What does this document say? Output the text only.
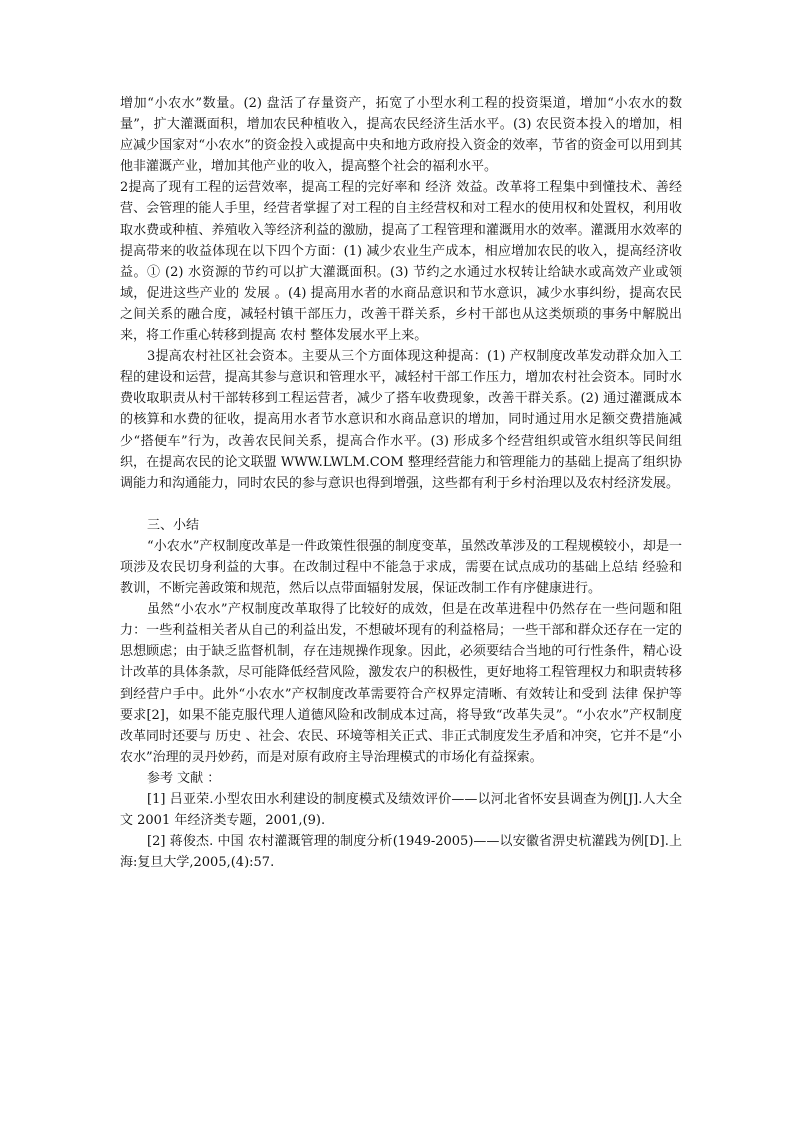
增加“小农水”数量。(2) 盘活了存量资产，拓宽了小型水利工程的投资渠道，增加“小农水的数量”，扩大灌溉面积，增加农民种植收入，提高农民经济生活水平。(3) 农民资本投入的增加，相应减少国家对“小农水”的资金投入或提高中央和地方政府投入资金的效率，节省的资金可以用到其他非灌溉产业，增加其他产业的收入，提高整个社会的福利水平。

2提高了现有工程的运营效率，提高工程的完好率和 经济 效益。改革将工程集中到懂技术、善经营、会管理的能人手里，经营者掌握了对工程的自主经营权和对工程水的使用权和处置权，利用收取水费或种植、养殖收入等经济利益的激励，提高了工程管理和灌溉用水的效率。灌溉用水效率的提高带来的收益体现在以下四个方面：(1) 减少农业生产成本，相应增加农民的收入，提高经济收益。① (2) 水资源的节约可以扩大灌溉面积。(3) 节约之水通过水权转让给缺水或高效产业或领域，促进这些产业的 发展 。(4) 提高用水者的水商品意识和节水意识，减少水事纠纷，提高农民之间关系的融合度，减轻村镇干部压力，改善干群关系，乡村干部也从这类烦琐的事务中解脱出来，将工作重心转移到提高 农村 整体发展水平上来。

3提高农村社区社会资本。主要从三个方面体现这种提高：(1) 产权制度改革发动群众加入工程的建设和运营，提高其参与意识和管理水平，减轻村干部工作压力，增加农村社会资本。同时水费收取职责从村干部转移到工程运营者，减少了搭车收费现象，改善干群关系。(2) 通过灌溉成本的核算和水费的征收，提高用水者节水意识和水商品意识的增加，同时通过用水足额交费措施减少“搭便车”行为，改善农民间关系，提高合作水平。(3) 形成多个经营组织或管水组织等民间组织，在提高农民的论文联盟 WWW.LWLM.COM 整理经营能力和管理能力的基础上提高了组织协调能力和沟通能力，同时农民的参与意识也得到增强，这些都有利于乡村治理以及农村经济发展。

三、小结

“小农水”产权制度改革是一件政策性很强的制度变革，虽然改革涉及的工程规模较小，却是一项涉及农民切身利益的大事。在改制过程中不能急于求成，需要在试点成功的基础上总结 经验和教训，不断完善政策和规范，然后以点带面辐射发展，保证改制工作有序健康进行。

虽然“小农水”产权制度改革取得了比较好的成效，但是在改革进程中仍然存在一些问题和阻力：一些利益相关者从自己的利益出发，不想破坏现有的利益格局；一些干部和群众还存在一定的思想顾虑；由于缺乏监督机制，存在违规操作现象。因此，必须要结合当地的可行性条件，精心设计改革的具体条款，尽可能降低经营风险，激发农户的积极性，更好地将工程管理权力和职责转移到经营户手中。此外“小农水”产权制度改革需要符合产权界定清晰、有效转让和受到 法律 保护等要求[2]，如果不能克服代理人道德风险和改制成本过高，将导致“改革失灵”。“小农水”产权制度改革同时还要与 历史 、社会、农民、环境等相关正式、非正式制度发生矛盾和冲突，它并不是“小农水”治理的灵丹妙药，而是对原有政府主导治理模式的市场化有益探索。

参考 文献 ：

[1] 吕亚荣.小型农田水利建设的制度模式及绩效评价——以河北省怀安县调查为例[J].人大全文 2001 年经济类专题，2001,(9).

[2] 蒋俊杰. 中国 农村灌溉管理的制度分析(1949-2005)——以安徽省淠史杭灌践为例[D].上海:复旦大学,2005,(4):57.
